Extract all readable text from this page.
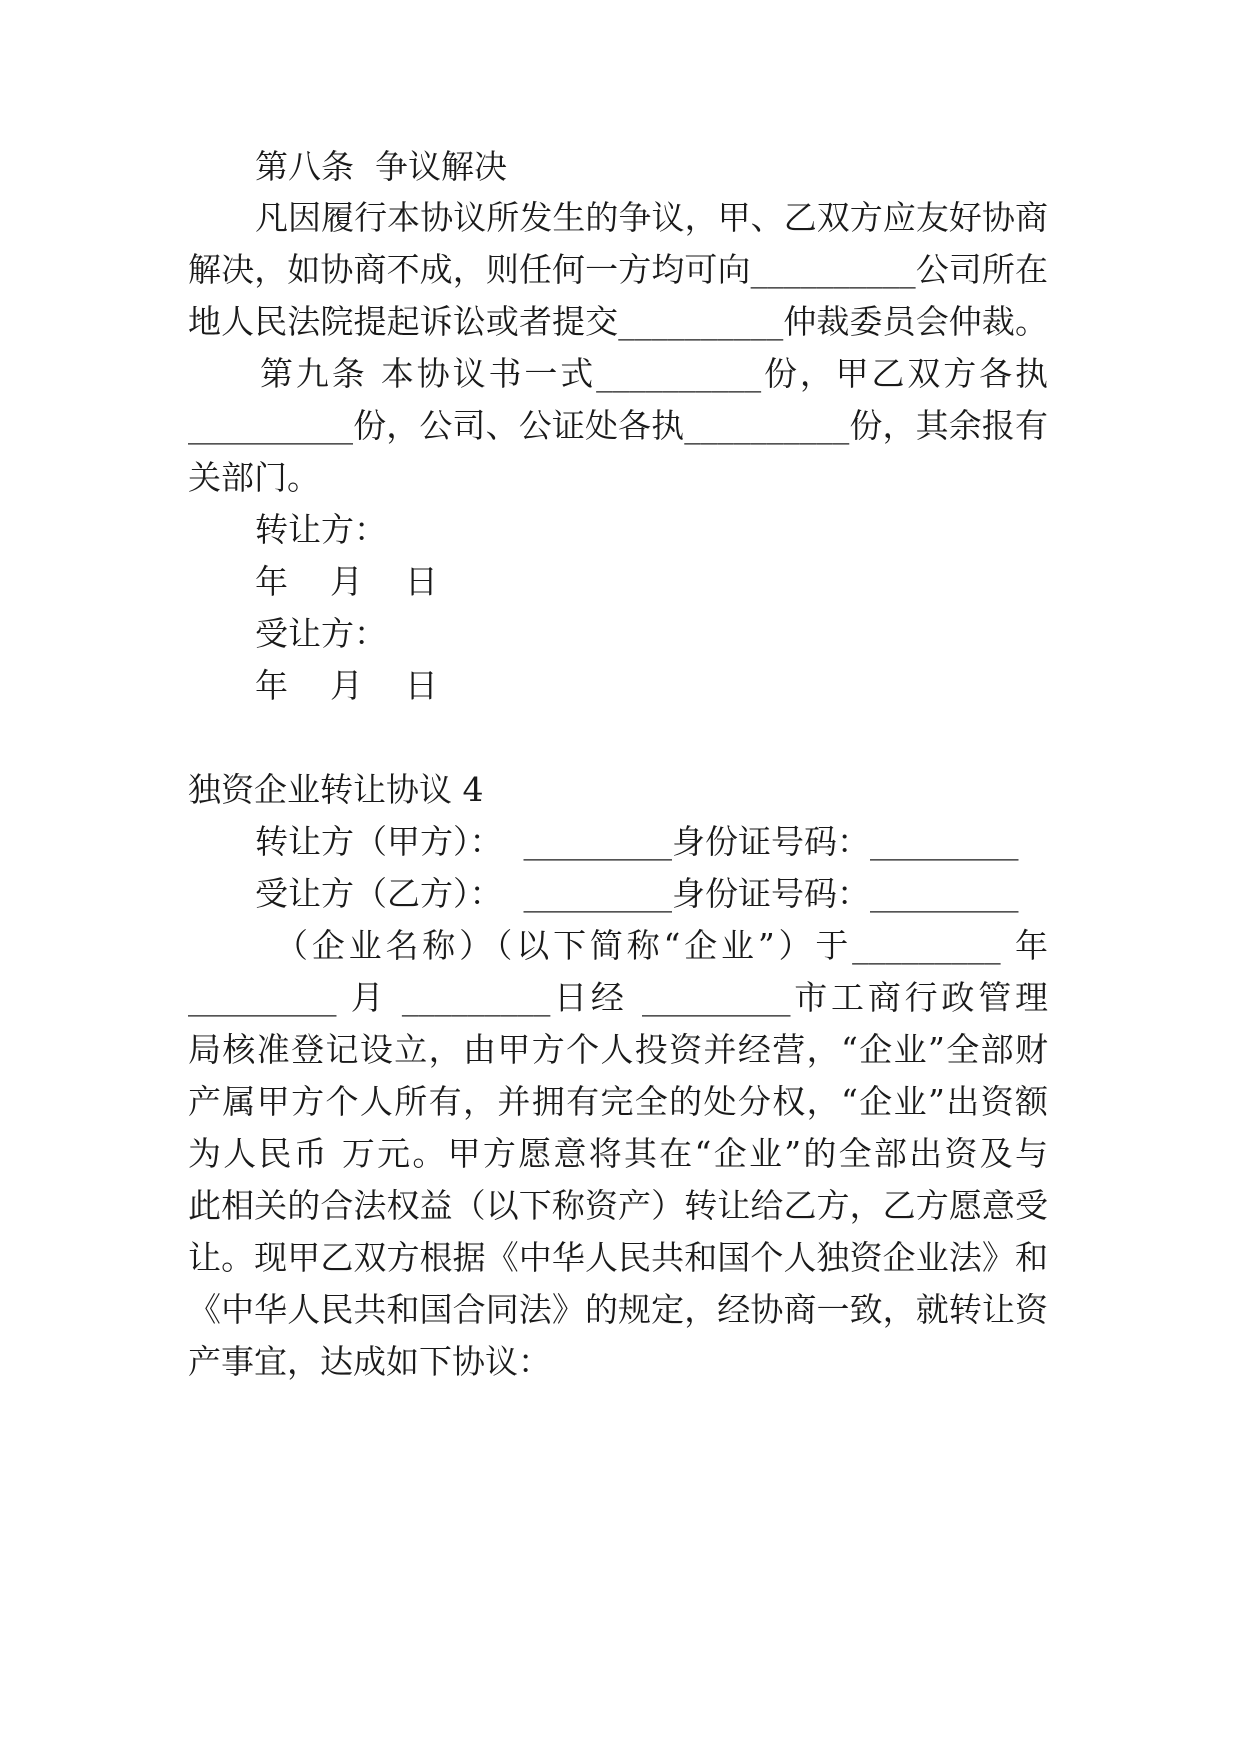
第八条  争议解决

凡因履行本协议所发生的争议，甲、乙双方应友好协商

解决，如协商不成，则任何一方均可向__________公司所在

地人民法院提起诉讼或者提交__________仲裁委员会仲裁。

第九条 本协议书一式__________份，甲乙双方各执

__________份，公司、公证处各执__________份，其余报有

关部门。

转让方：

年    月    日

受让方：

年    月    日

独资企业转让协议 4

转让方（甲方）：  _________身份证号码：_________

受让方（乙方）：  _________身份证号码：_________

（企业名称）（以下简称“企业”）于_________ 年

_________ 月 _________日经 _________市工商行政管理

局核准登记设立，由甲方个人投资并经营，“企业”全部财

产属甲方个人所有，并拥有完全的处分权，“企业”出资额

为人民币 万元。甲方愿意将其在“企业”的全部出资及与

此相关的合法权益（以下称资产）转让给乙方，乙方愿意受

让。现甲乙双方根据《中华人民共和国个人独资企业法》和

《中华人民共和国合同法》的规定，经协商一致，就转让资

产事宜，达成如下协议：
